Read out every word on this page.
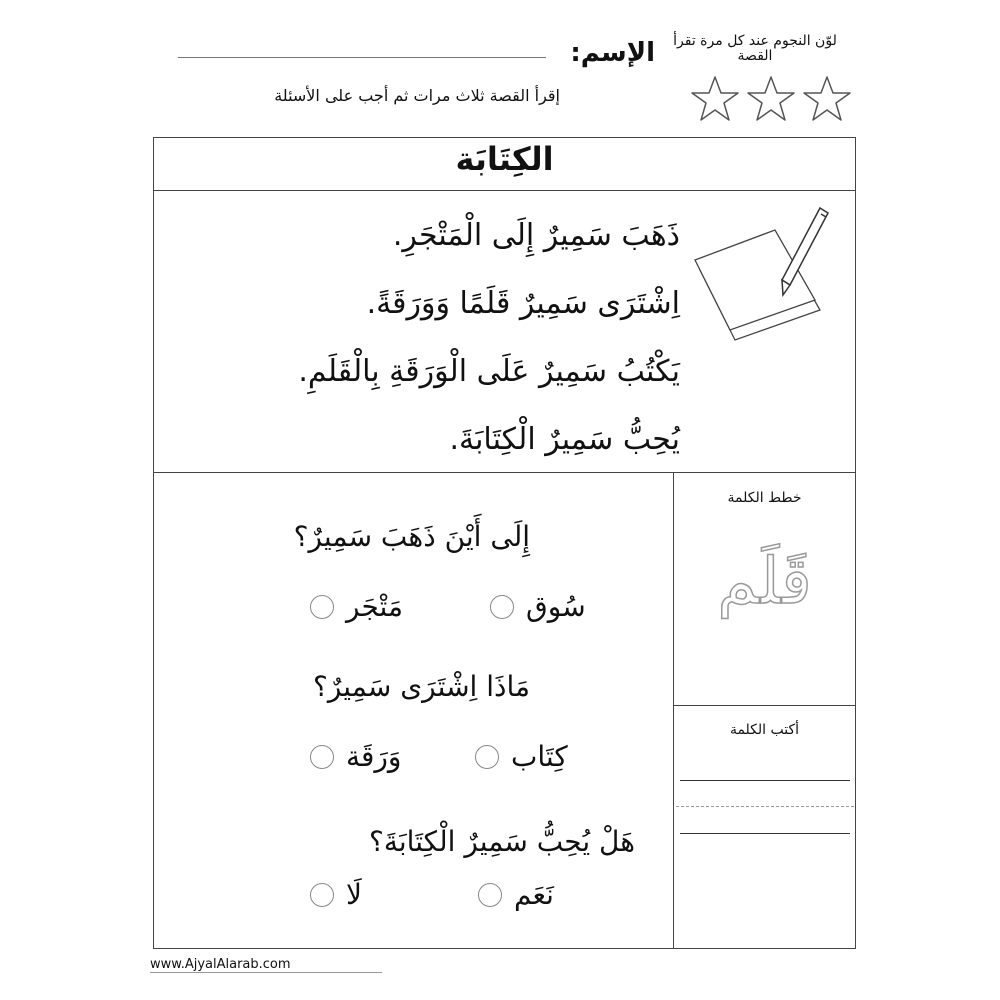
لوّن النجوم عند كل مرة تقرأ القصة
الإسم:
إقرأ القصة ثلاث مرات ثم أجب على الأسئلة
الكِتَابَة
ذَهَبَ سَمِيرٌ إِلَى الْمَتْجَرِ.
اِشْتَرَى سَمِيرٌ قَلَمًا وَوَرَقَةً.
يَكْتُبُ سَمِيرٌ عَلَى الْوَرَقَةِ بِالْقَلَمِ.
يُحِبُّ سَمِيرٌ الْكِتَابَةَ.
إِلَى أَيْنَ ذَهَبَ سَمِيرٌ؟
سُوق
مَتْجَر
مَاذَا اِشْتَرَى سَمِيرٌ؟
كِتَاب
وَرَقَة
هَلْ يُحِبُّ سَمِيرٌ الْكِتَابَةَ؟
نَعَم
لَا
خطط الكلمة
قَلَم
أكتب الكلمة
www.AjyalAlarab.com
